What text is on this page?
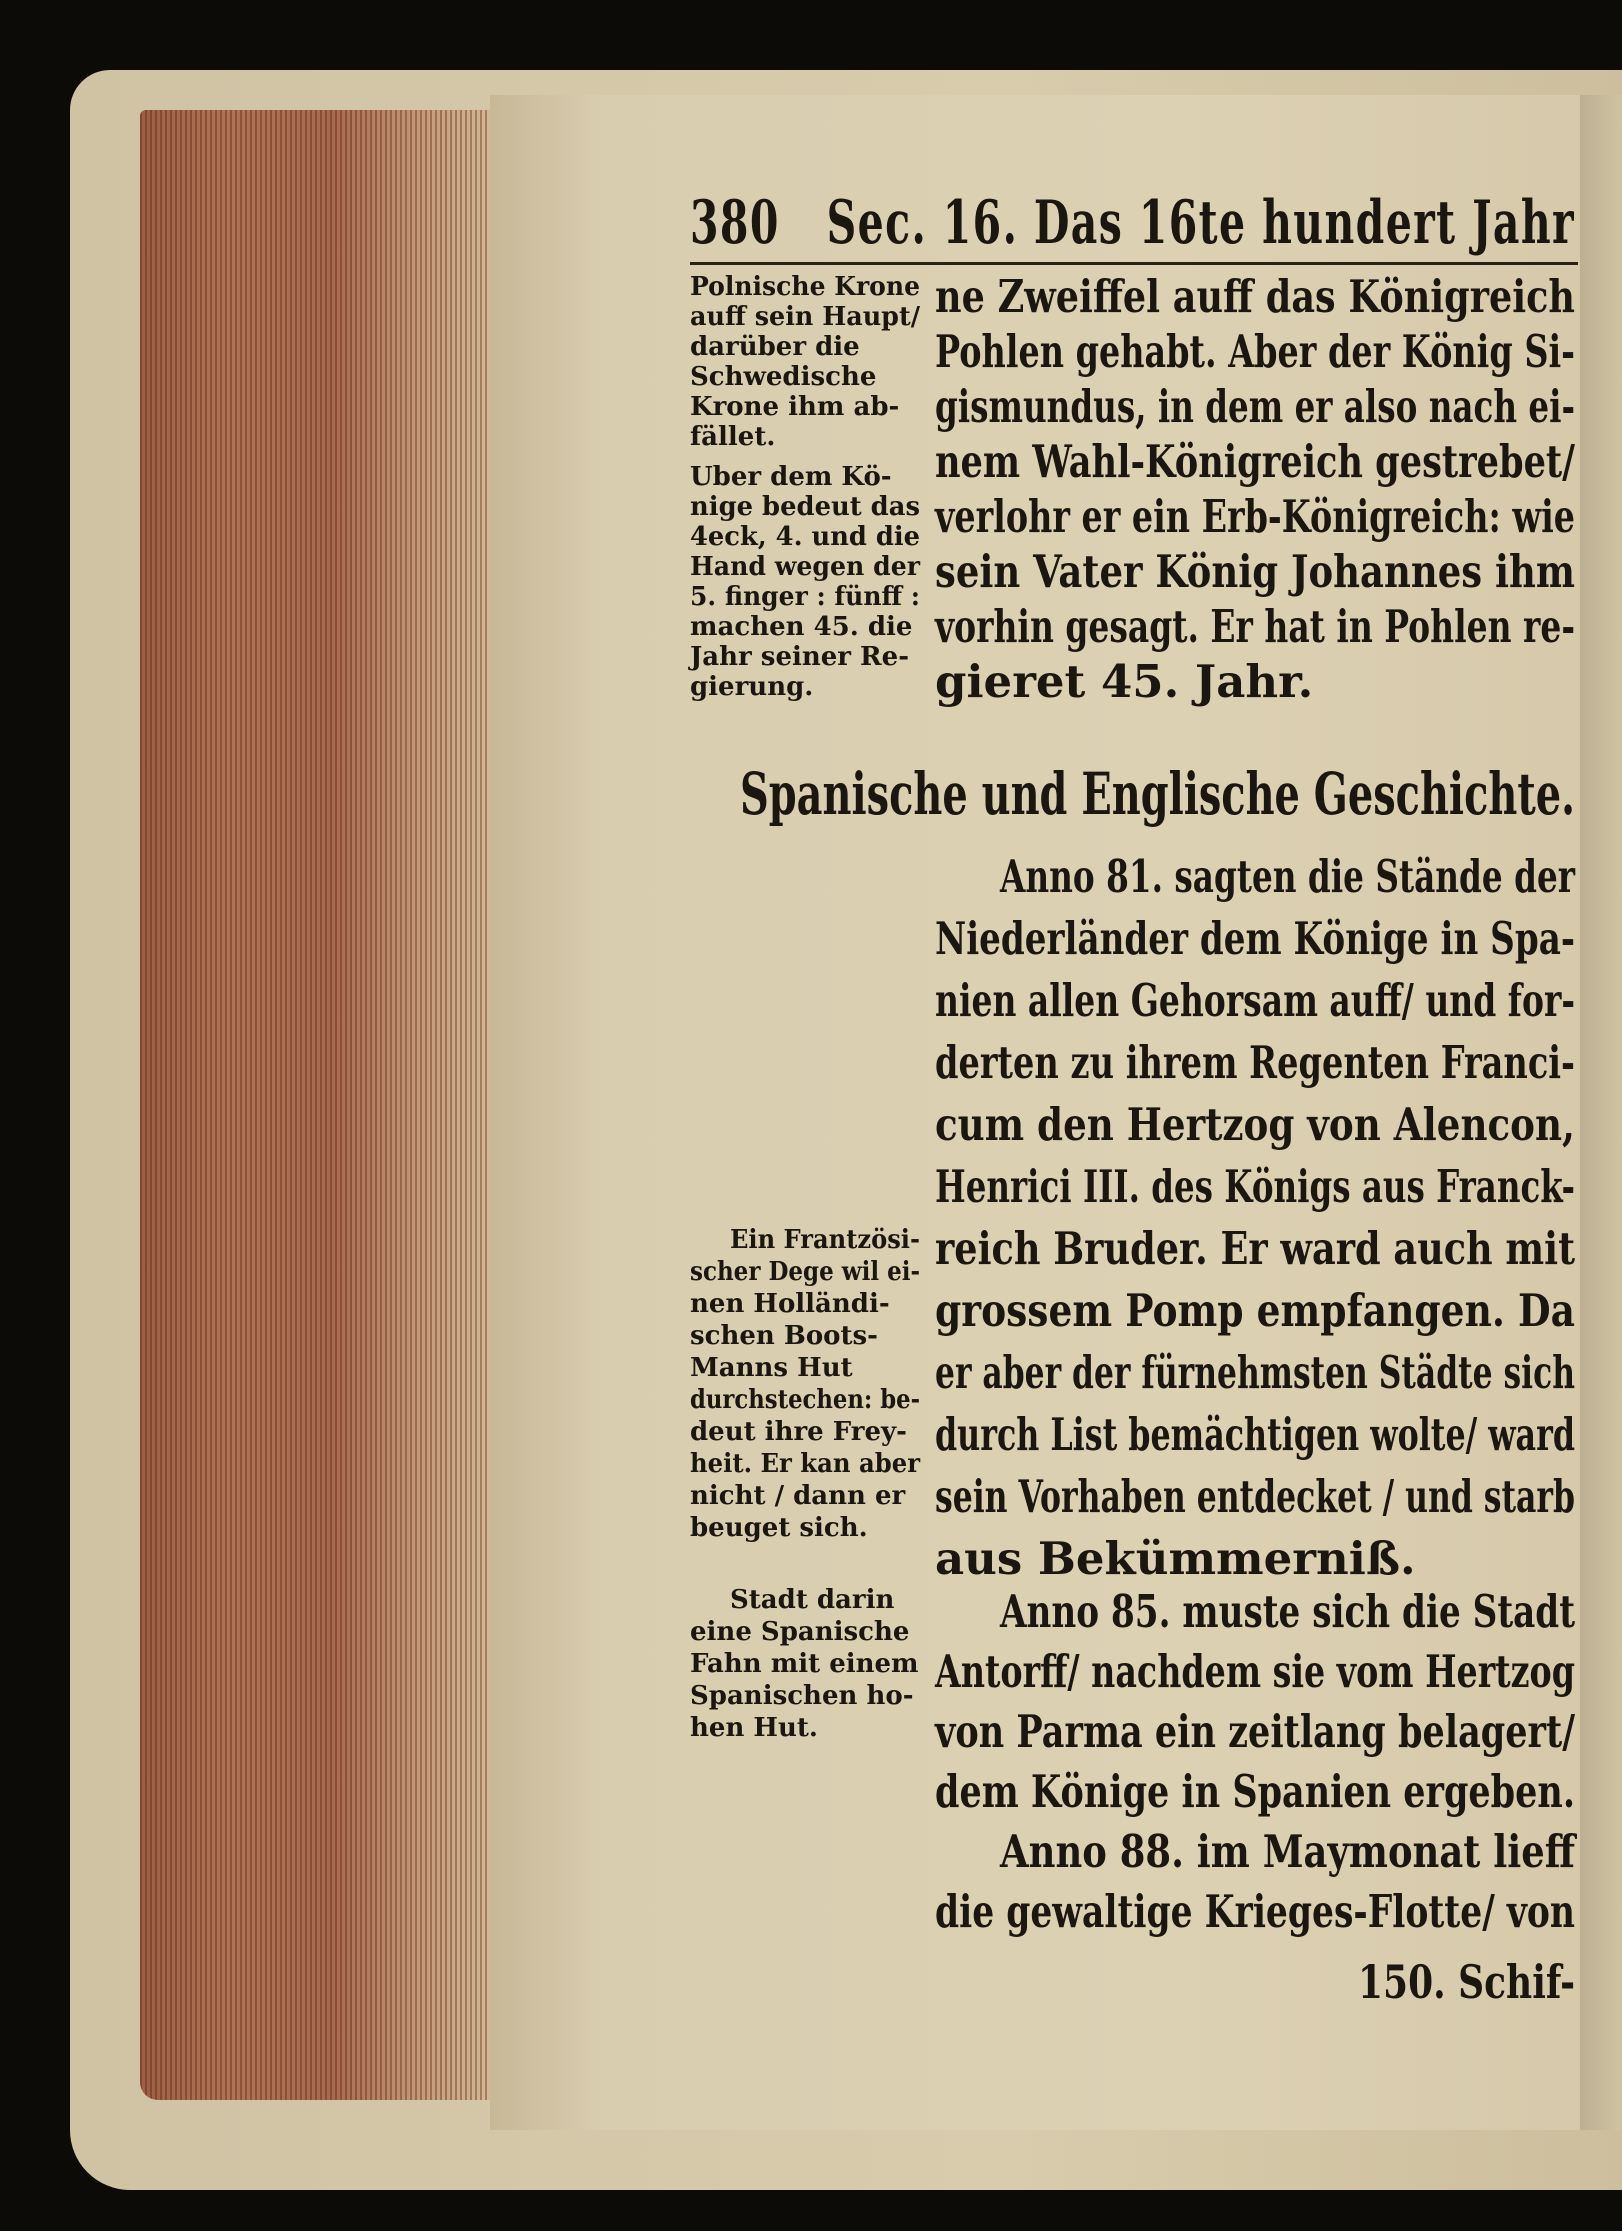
380 Sec. 16. Das 16te hundert Jahr
Polnische Krone
auff sein Haupt/
darüber die
Schwedische
Krone ihm ab-
fället.
Uber dem Kö-
nige bedeut das
4eck, 4. und die
Hand wegen der
5. finger : fünff :
machen 45. die
Jahr seiner Re-
gierung.
ne Zweiffel auff das Königreich
Pohlen gehabt. Aber der König Si-
gismundus, in dem er also nach ei-
nem Wahl-Königreich gestrebet/
verlohr er ein Erb-Königreich: wie
sein Vater König Johannes ihm
vorhin gesagt. Er hat in Pohlen re-
gieret 45. Jahr.
Spanische und Englische Geschichte.
Anno 81. sagten die Stände der
Niederländer dem Könige in Spa-
nien allen Gehorsam auff/ und for-
derten zu ihrem Regenten Franci-
cum den Hertzog von Alencon,
Henrici III. des Königs aus Franck-
reich Bruder. Er ward auch mit
grossem Pomp empfangen. Da
er aber der fürnehmsten Städte sich
durch List bemächtigen wolte/ ward
sein Vorhaben entdecket / und starb
aus Bekümmerniß.
Ein Frantzösi-
scher Dege wil ei-
nen Holländi-
schen Boots-
Manns Hut
durchstechen: be-
deut ihre Frey-
heit. Er kan aber
nicht / dann er
beuget sich.
Anno 85. muste sich die Stadt
Antorff/ nachdem sie vom Hertzog
von Parma ein zeitlang belagert/
dem Könige in Spanien ergeben.
Anno 88. im Maymonat lieff
die gewaltige Krieges-Flotte/ von
Stadt darin
eine Spanische
Fahn mit einem
Spanischen ho-
hen Hut.
150. Schif-
